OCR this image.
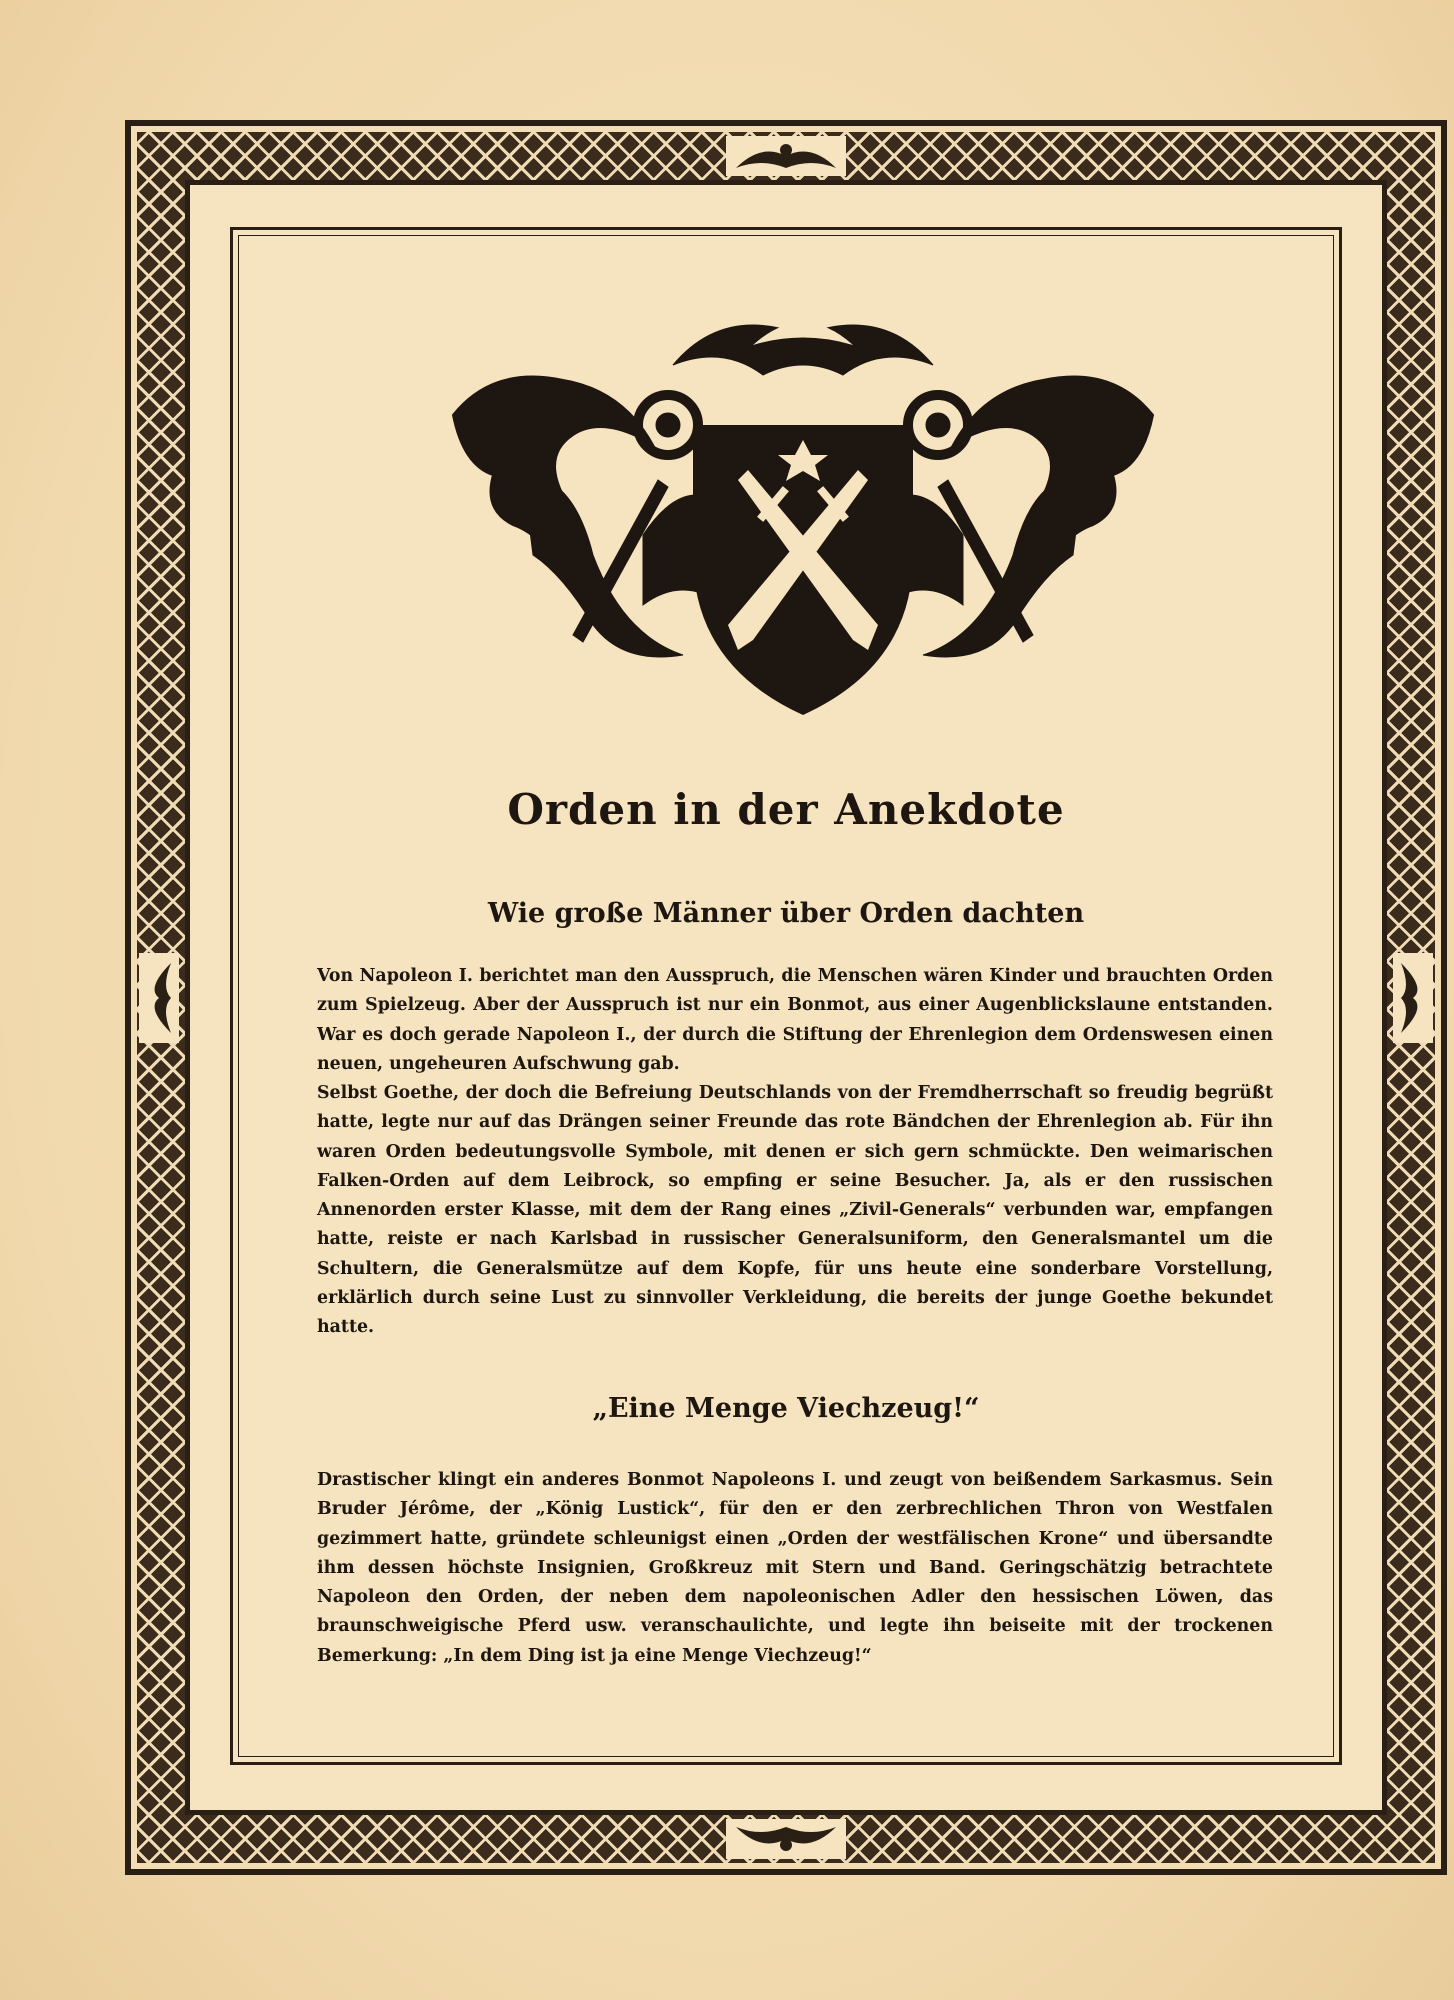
Orden in der Anekdote
Wie große Männer über Orden dachten

Von Napoleon I. berichtet man den Ausspruch, die Menschen wären Kinder und brauchten Orden zum Spielzeug. Aber der Ausspruch ist nur ein Bonmot, aus einer Augenblickslaune entstanden. War es doch gerade Napoleon I., der durch die Stiftung der Ehrenlegion dem Ordenswesen einen neuen, ungeheuren Aufschwung gab.

Selbst Goethe, der doch die Befreiung Deutschlands von der Fremdherrschaft so freudig begrüßt hatte, legte nur auf das Drängen seiner Freunde das rote Bändchen der Ehrenlegion ab. Für ihn waren Orden bedeutungsvolle Symbole, mit denen er sich gern schmückte. Den weimarischen Falken-Orden auf dem Leibrock, so empfing er seine Besucher. Ja, als er den russischen Annenorden erster Klasse, mit dem der Rang eines „Zivil-Generals“ verbunden war, empfangen hatte, reiste er nach Karlsbad in russischer Generalsuniform, den Generalsmantel um die Schultern, die Generalsmütze auf dem Kopfe, für uns heute eine sonderbare Vorstellung, erklärlich durch seine Lust zu sinnvoller Verkleidung, die bereits der junge Goethe bekundet hatte.

„Eine Menge Viechzeug!“

Drastischer klingt ein anderes Bonmot Napoleons I. und zeugt von beißendem Sarkasmus. Sein Bruder Jérôme, der „König Lustick“, für den er den zerbrechlichen Thron von Westfalen gezimmert hatte, gründete schleunigst einen „Orden der westfälischen Krone“ und übersandte ihm dessen höchste Insignien, Großkreuz mit Stern und Band. Geringschätzig betrachtete Napoleon den Orden, der neben dem napoleonischen Adler den hessischen Löwen, das braunschweigische Pferd usw. veranschaulichte, und legte ihn beiseite mit der trockenen Bemerkung: „In dem Ding ist ja eine Menge Viechzeug!“
